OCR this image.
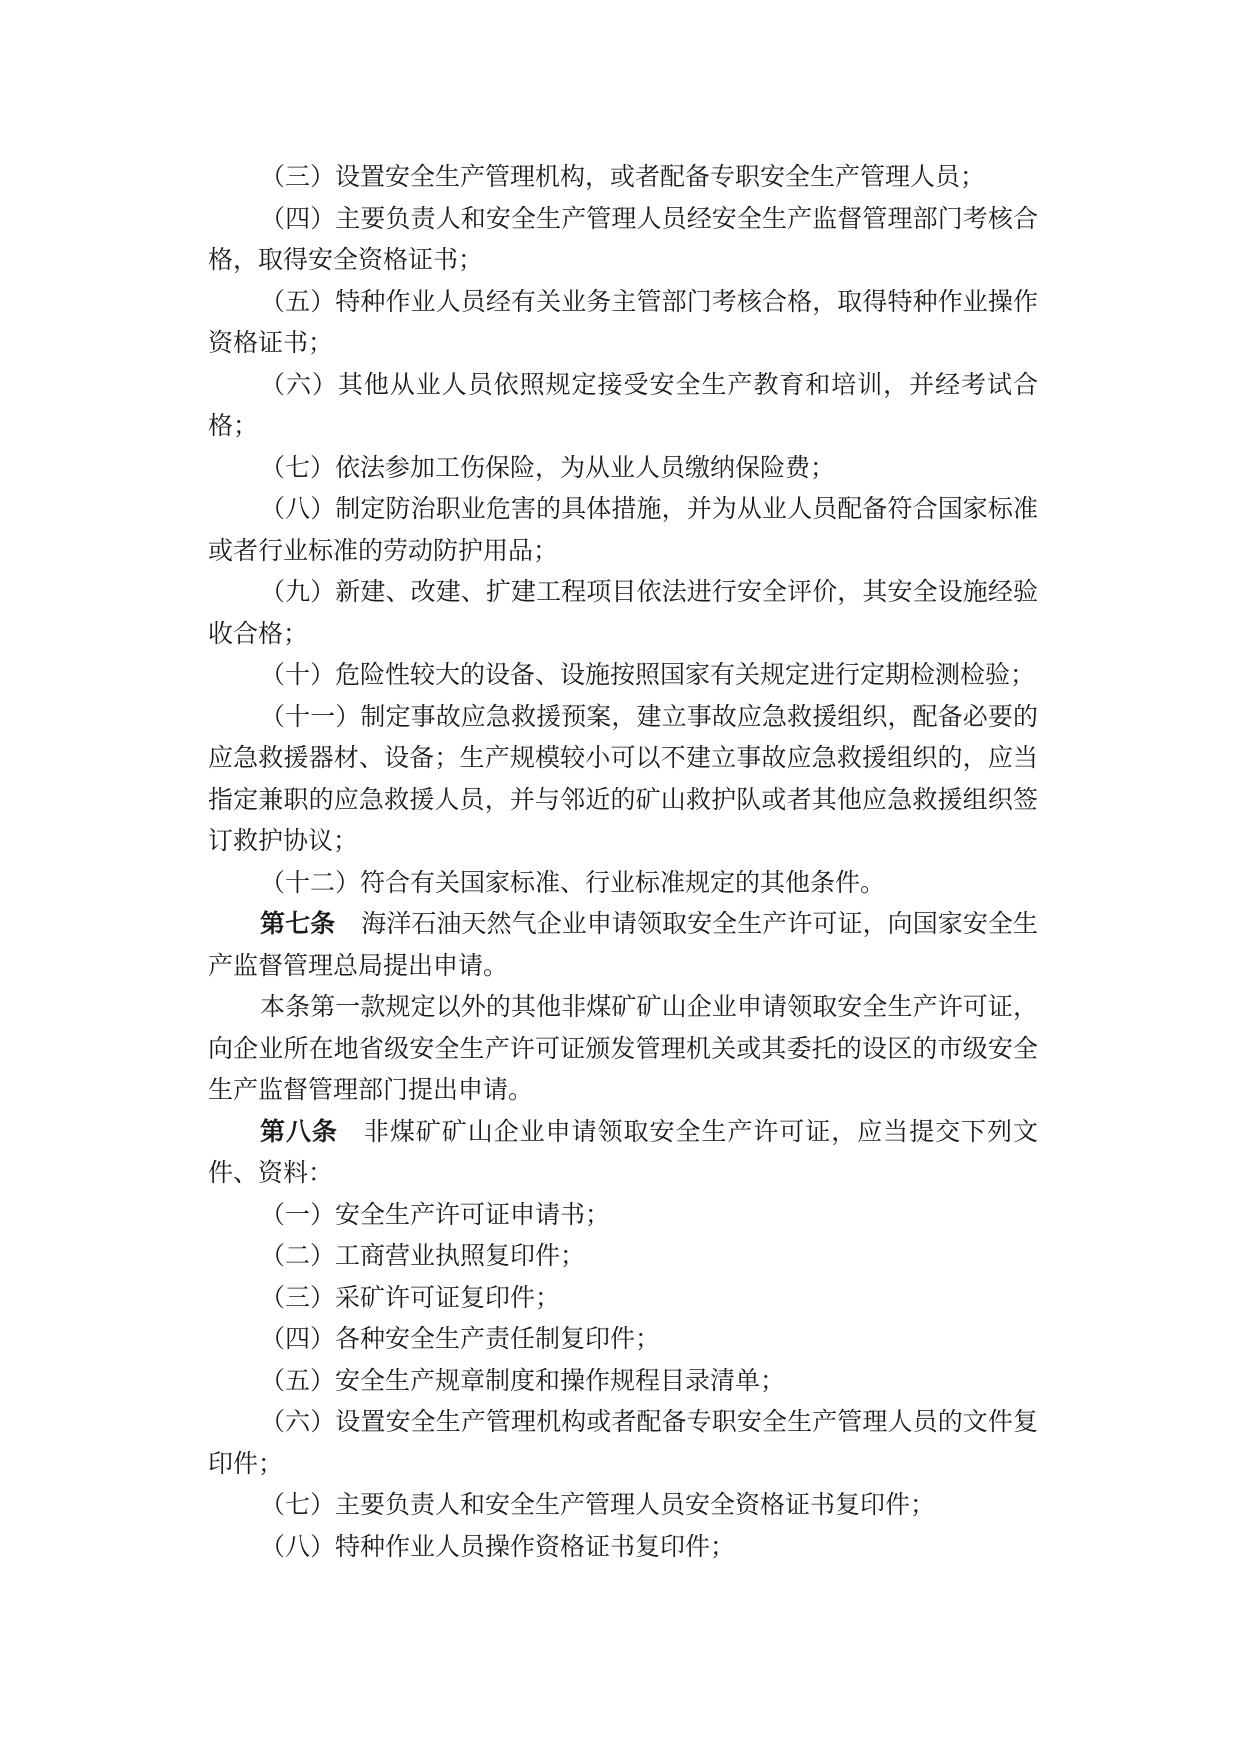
（三）设置安全生产管理机构，或者配备专职安全生产管理人员；

（四）主要负责人和安全生产管理人员经安全生产监督管理部门考核合格，取得安全资格证书；

（五）特种作业人员经有关业务主管部门考核合格，取得特种作业操作资格证书；

（六）其他从业人员依照规定接受安全生产教育和培训，并经考试合格；

（七）依法参加工伤保险，为从业人员缴纳保险费；

（八）制定防治职业危害的具体措施，并为从业人员配备符合国家标准或者行业标准的劳动防护用品；

（九）新建、改建、扩建工程项目依法进行安全评价，其安全设施经验收合格；

（十）危险性较大的设备、设施按照国家有关规定进行定期检测检验；

（十一）制定事故应急救援预案，建立事故应急救援组织，配备必要的应急救援器材、设备；生产规模较小可以不建立事故应急救援组织的，应当指定兼职的应急救援人员，并与邻近的矿山救护队或者其他应急救援组织签订救护协议；

（十二）符合有关国家标准、行业标准规定的其他条件。

第七条 海洋石油天然气企业申请领取安全生产许可证，向国家安全生产监督管理总局提出申请。

本条第一款规定以外的其他非煤矿矿山企业申请领取安全生产许可证，向企业所在地省级安全生产许可证颁发管理机关或其委托的设区的市级安全生产监督管理部门提出申请。

第八条 非煤矿矿山企业申请领取安全生产许可证，应当提交下列文件、资料：

（一）安全生产许可证申请书；

（二）工商营业执照复印件；

（三）采矿许可证复印件；

（四）各种安全生产责任制复印件；

（五）安全生产规章制度和操作规程目录清单；

（六）设置安全生产管理机构或者配备专职安全生产管理人员的文件复印件；

（七）主要负责人和安全生产管理人员安全资格证书复印件；

（八）特种作业人员操作资格证书复印件；
